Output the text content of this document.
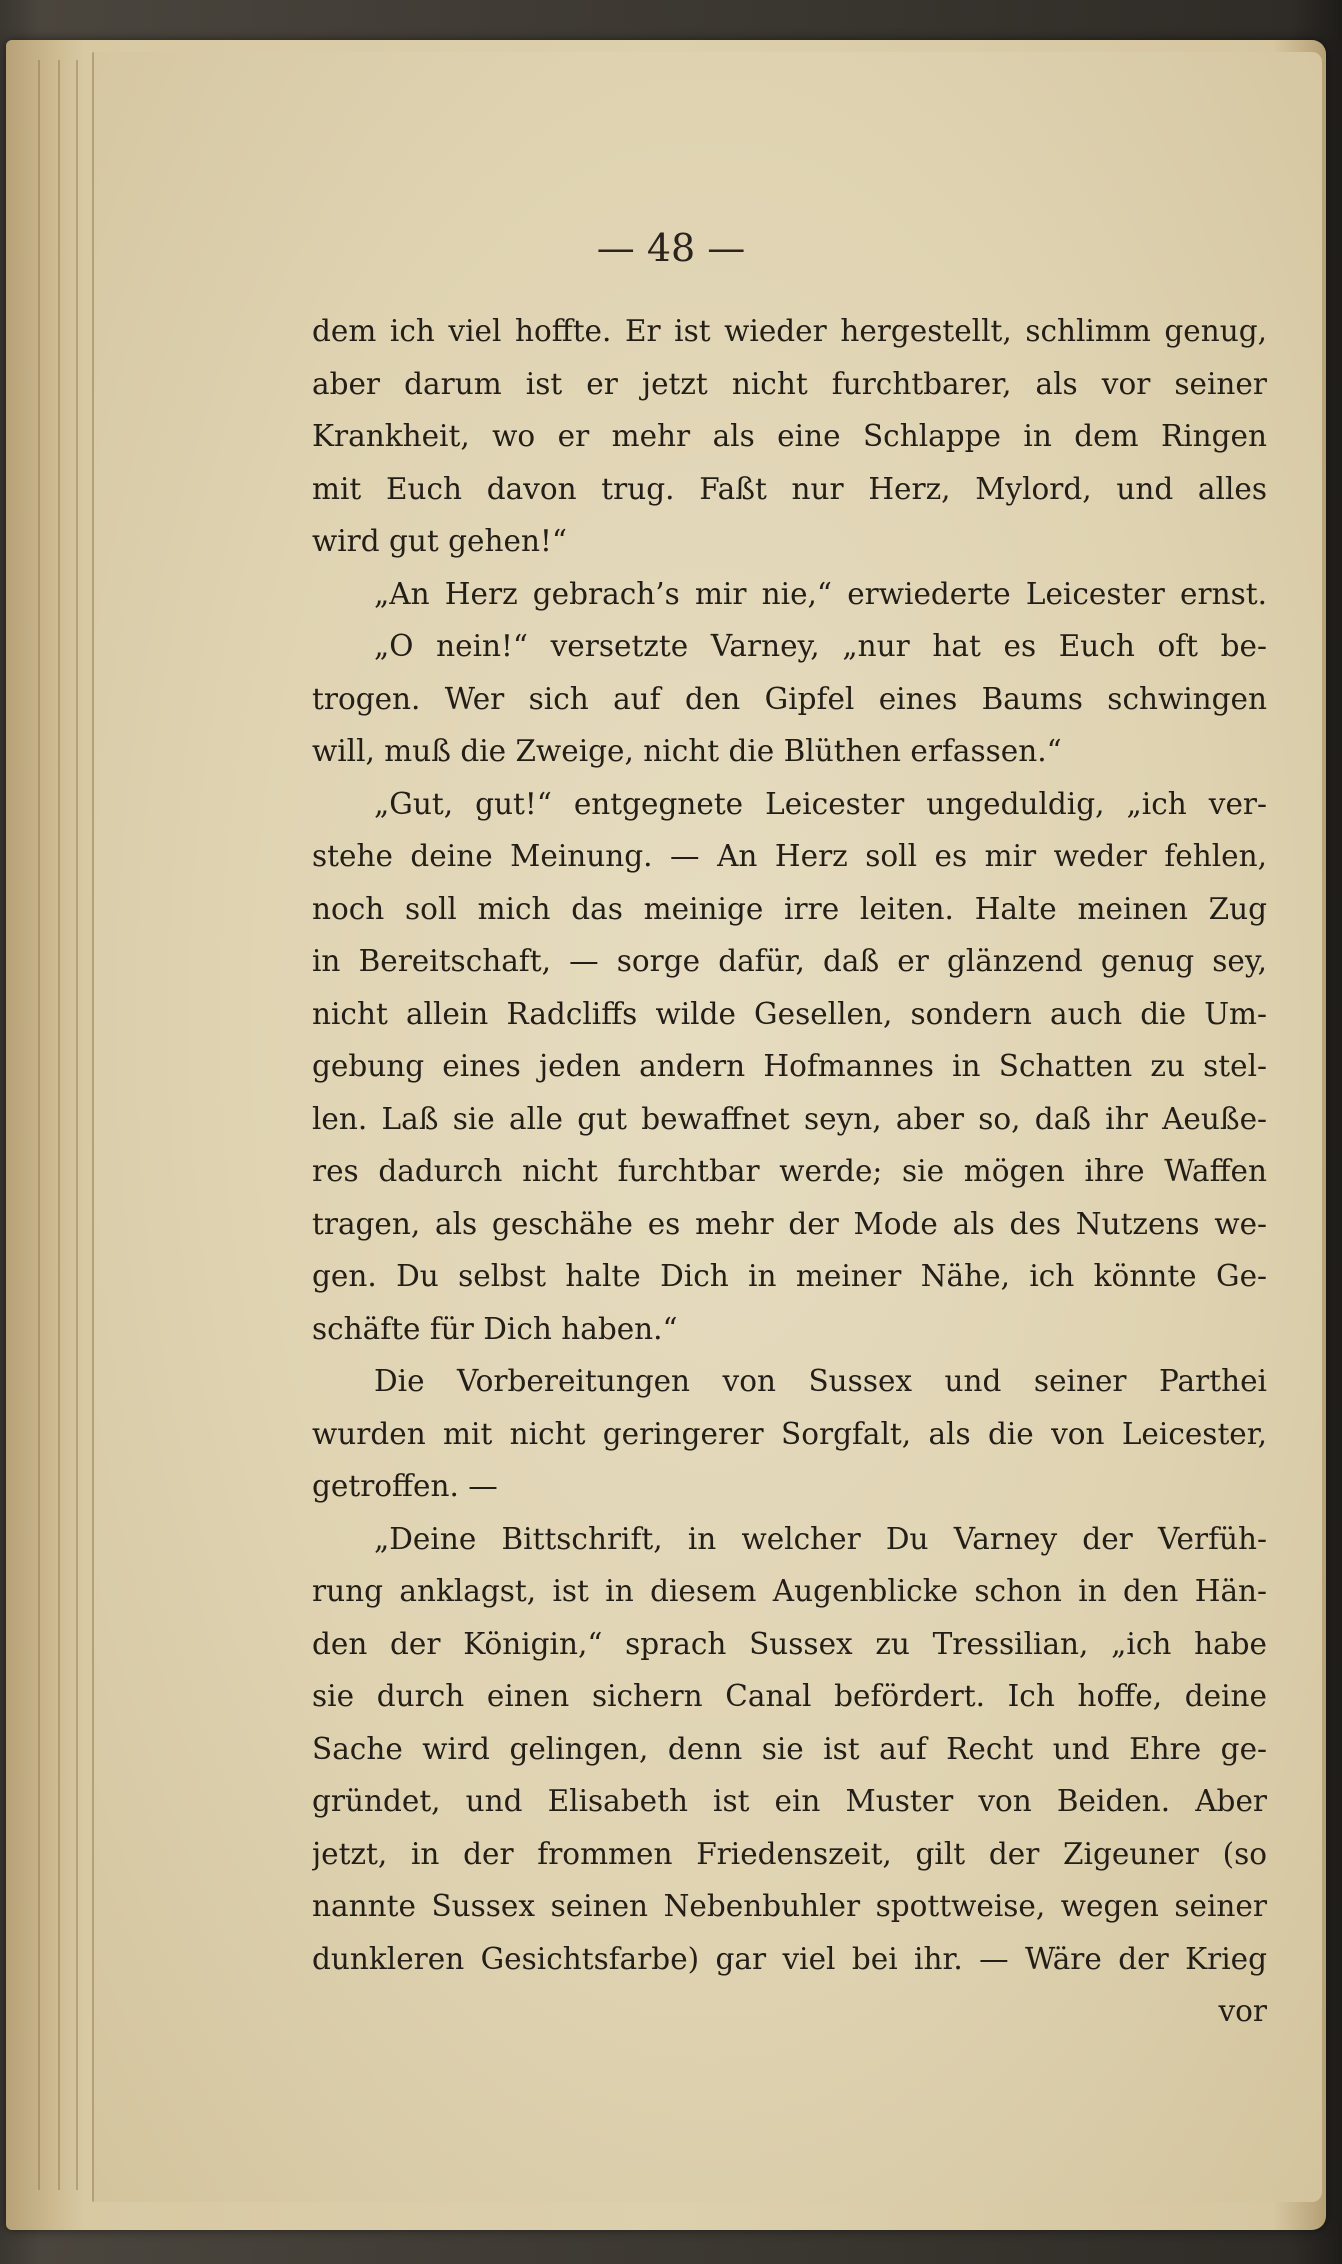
— 48 —
dem ich viel hoffte. Er ist wieder hergestellt, schlimm genug,
aber darum ist er jetzt nicht furchtbarer, als vor seiner
Krankheit, wo er mehr als eine Schlappe in dem Ringen
mit Euch davon trug. Faßt nur Herz, Mylord, und alles
wird gut gehen!“
„An Herz gebrach’s mir nie,“ erwiederte Leicester ernst.
„O nein!“ versetzte Varney, „nur hat es Euch oft be-
trogen. Wer sich auf den Gipfel eines Baums schwingen
will, muß die Zweige, nicht die Blüthen erfassen.“
„Gut, gut!“ entgegnete Leicester ungeduldig, „ich ver-
stehe deine Meinung. — An Herz soll es mir weder fehlen,
noch soll mich das meinige irre leiten. Halte meinen Zug
in Bereitschaft, — sorge dafür, daß er glänzend genug sey,
nicht allein Radcliffs wilde Gesellen, sondern auch die Um-
gebung eines jeden andern Hofmannes in Schatten zu stel-
len. Laß sie alle gut bewaffnet seyn, aber so, daß ihr Aeuße-
res dadurch nicht furchtbar werde; sie mögen ihre Waffen
tragen, als geschähe es mehr der Mode als des Nutzens we-
gen. Du selbst halte Dich in meiner Nähe, ich könnte Ge-
schäfte für Dich haben.“
Die Vorbereitungen von Sussex und seiner Parthei
wurden mit nicht geringerer Sorgfalt, als die von Leicester,
getroffen. —
„Deine Bittschrift, in welcher Du Varney der Verfüh-
rung anklagst, ist in diesem Augenblicke schon in den Hän-
den der Königin,“ sprach Sussex zu Tressilian, „ich habe
sie durch einen sichern Canal befördert. Ich hoffe, deine
Sache wird gelingen, denn sie ist auf Recht und Ehre ge-
gründet, und Elisabeth ist ein Muster von Beiden. Aber
jetzt, in der frommen Friedenszeit, gilt der Zigeuner (so
nannte Sussex seinen Nebenbuhler spottweise, wegen seiner
dunkleren Gesichtsfarbe) gar viel bei ihr. — Wäre der Krieg
vor
